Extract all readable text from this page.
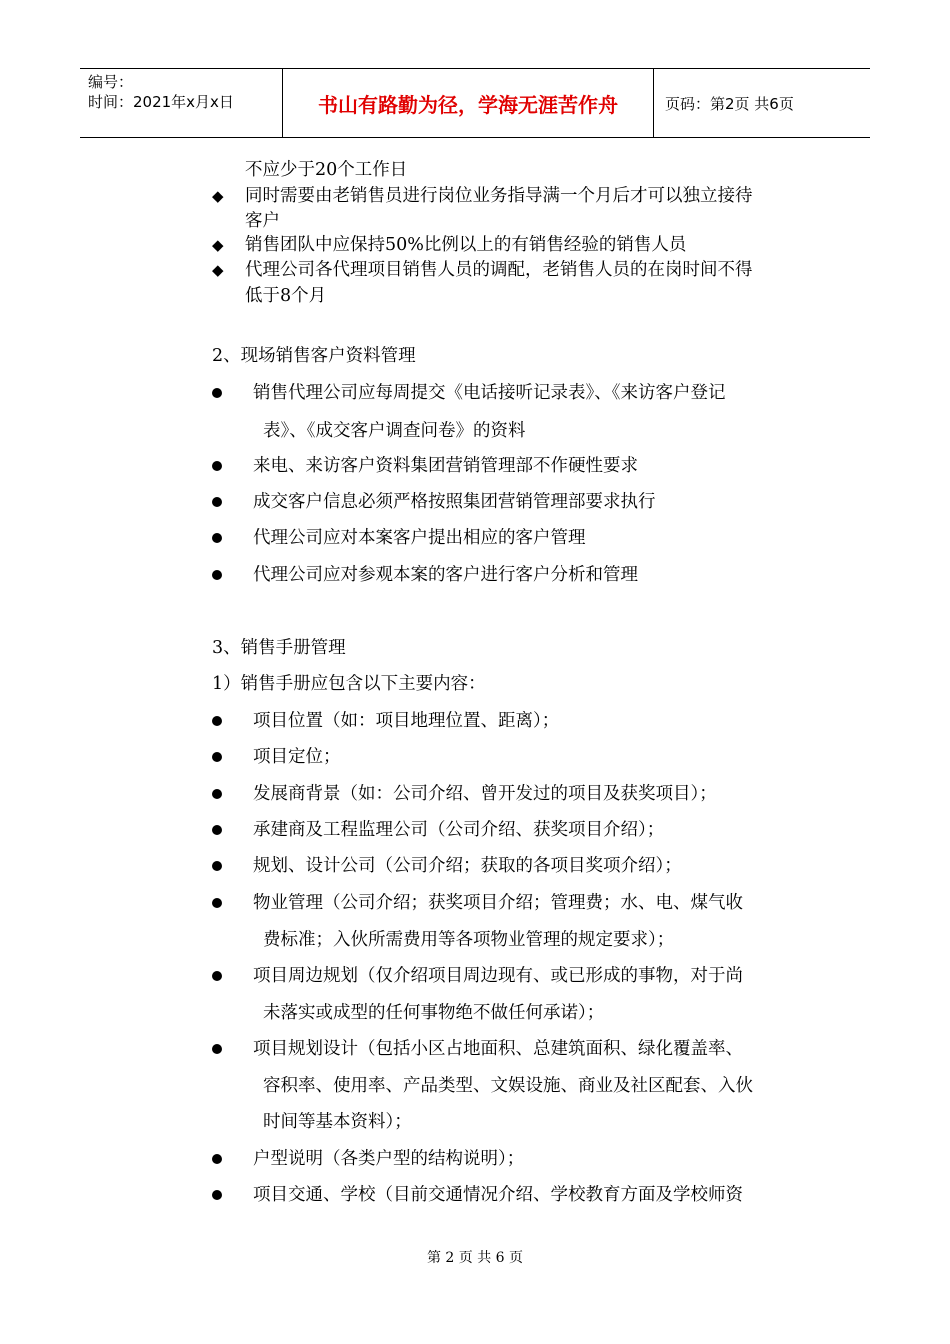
编号：
时间：2021年x月x日	书山有路勤为径，学海无涯苦作舟	页码：第2页 共6页
不应少于20个工作日
◆ 同时需要由老销售员进行岗位业务指导满一个月后才可以独立接待
客户
◆ 销售团队中应保持50%比例以上的有销售经验的销售人员
◆ 代理公司各代理项目销售人员的调配，老销售人员的在岗时间不得
低于8个月
2、现场销售客户资料管理
销售代理公司应每周提交《电话接听记录表》、《来访客户登记
表》、《成交客户调查问卷》的资料
来电、来访客户资料集团营销管理部不作硬性要求
成交客户信息必须严格按照集团营销管理部要求执行
代理公司应对本案客户提出相应的客户管理
代理公司应对参观本案的客户进行客户分析和管理
3、销售手册管理
1）销售手册应包含以下主要内容：
项目位置（如：项目地理位置、距离）；
项目定位；
发展商背景（如：公司介绍、曾开发过的项目及获奖项目）；
承建商及工程监理公司（公司介绍、获奖项目介绍）；
规划、设计公司（公司介绍；获取的各项目奖项介绍）；
物业管理（公司介绍；获奖项目介绍；管理费；水、电、煤气收
费标准；入伙所需费用等各项物业管理的规定要求）；
项目周边规划（仅介绍项目周边现有、或已形成的事物，对于尚
未落实或成型的任何事物绝不做任何承诺）；
项目规划设计（包括小区占地面积、总建筑面积、绿化覆盖率、
容积率、使用率、产品类型、文娱设施、商业及社区配套、入伙
时间等基本资料）；
户型说明（各类户型的结构说明）；
项目交通、学校（目前交通情况介绍、学校教育方面及学校师资
第 2 页 共 6 页
